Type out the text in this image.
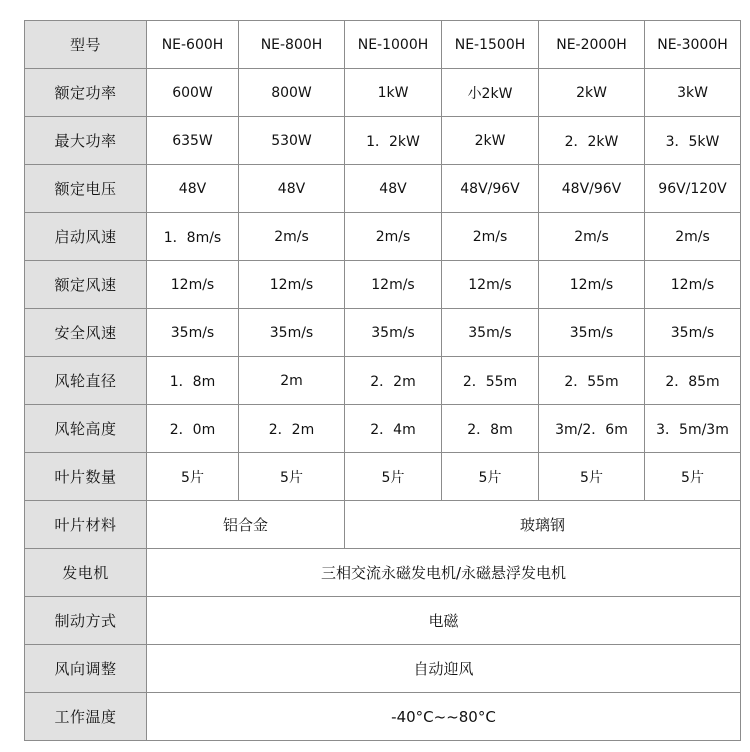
型号	NE-600H	NE-800H	NE-1000H	NE-1500H	NE-2000H	NE-3000H
额定功率	600W	800W	1kW	小2kW	2kW	3kW
最大功率	635W	530W	1．2kW	2kW	2．2kW	3．5kW
额定电压	48V	48V	48V	48V/96V	48V/96V	96V/120V
启动风速	1．8m/s	2m/s	2m/s	2m/s	2m/s	2m/s
额定风速	12m/s	12m/s	12m/s	12m/s	12m/s	12m/s
安全风速	35m/s	35m/s	35m/s	35m/s	35m/s	35m/s
风轮直径	1．8m	2m	2．2m	2．55m	2．55m	2．85m
风轮高度	2．0m	2．2m	2．4m	2．8m	3m/2．6m	3．5m/3m
叶片数量	5片	5片	5片	5片	5片	5片
叶片材料	铝合金		玻璃钢			
发电机	三相交流永磁发电机/永磁悬浮发电机					
制动方式	电磁					
风向调整	自动迎风					
工作温度	-40°C~~80°C					
